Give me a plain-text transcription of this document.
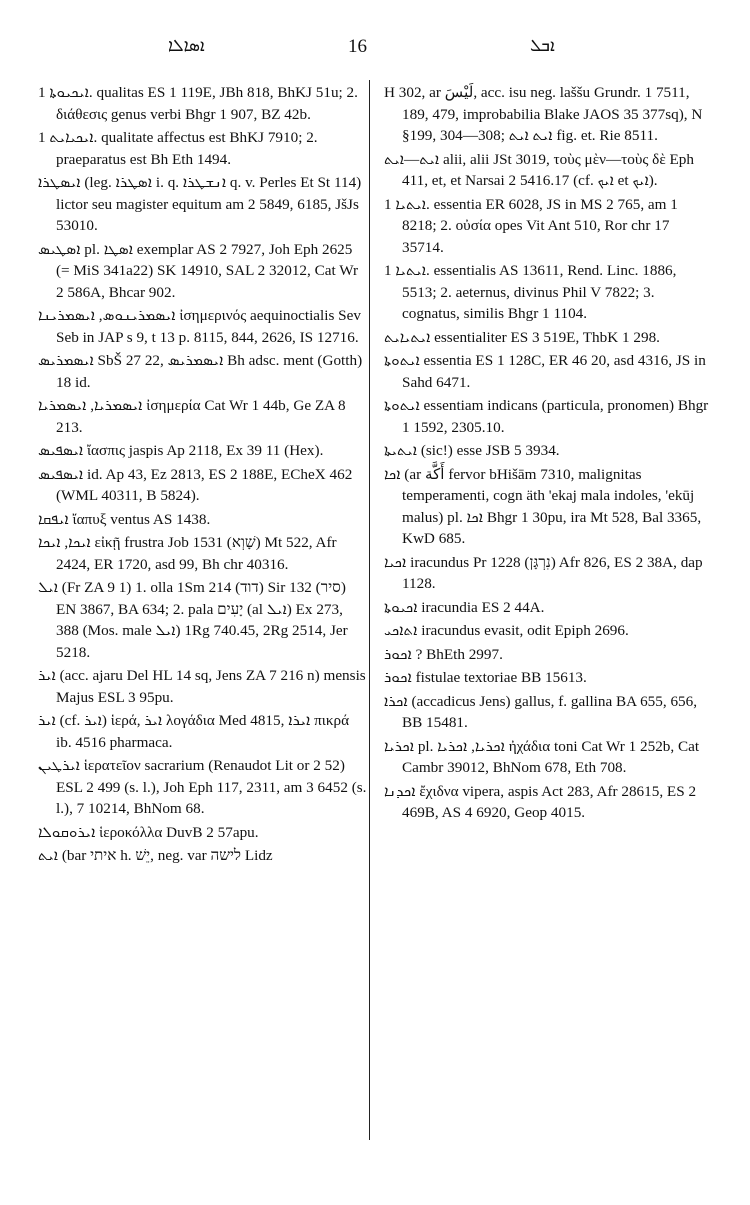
ܐܣܐܠܐ	16	ܐܒܠ

ܐܝܟܝܘܬܐ 1. qualitas ES 1 119E, JBh 818, BhKJ 51u; 2. διάθεσις genus verbi Bhgr 1 907, BZ 42b.

ܐܝܟܝܐܝܬ 1. qualitate affectus est BhKJ 7910; 2. praeparatus est Bh Eth 1494.

ܐܝܣܛܪܐ (leg. ܐܣܛܪܐ i. q. ܐܢܫܛܪܐ q. v. Perles Et St 114) lictor seu magister equitum am 2 5849, 6185, JšJs 53010.

ܐܣܛܝܣ pl. ܐܣܛܐ exemplar AS 2 7927, Joh Eph 2625 (= MiS 341a22) SK 14910, SAL 2 32012, Cat Wr 2 586A, Bhcar 902.

ܐܝܣܡܪܝܢܘܣ, ܐܝܣܡܪܝܢܐ ἰσημερινός aequinoctialis Sev Seb in JAP s 9, t 13 p. 8115, 844, 2626, IS 12716.

ܐܝܣܡܪܝܣ SbŠ 27 22, ܐܝܣܡܪܝܣ Bh adsc. ment (Gotth) 18 id.

ܐܝܣܡܪܝܐ, ܐܝܣܡܪܝܐ ἰσημερία Cat Wr 1 44b, Ge ZA 8 213.

ܐܝܣܦܝܣ ἴασπις jaspis Ap 2118, Ex 39 11 (Hex).

ܐܝܣܦܝܣ id. Ap 43, Ez 2813, ES 2 188E, ECheX 462 (WML 40311, B 5824).

ܐܝܦܩܐ ἴαπυξ ventus AS 1438.

ܐܝܟܐ, ܐܝܟܐ εἰκῇ frustra Job 1531 (שָׁוְא) Mt 522, Afr 2424, ER 1720, asd 99, Bh chr 40316.

ܐܝܠ (Fr ZA 9 1) 1. olla 1Sm 214 (דוד) Sir 132 (סיר) EN 3867, BA 634; 2. pala יָעִים (al ܐܝܠ) Ex 273, 388 (Mos. male ܐܝܠ) 1Rg 740.45, 2Rg 2514, Jer 5218.

ܐܝܪ (acc. ajaru Del HL 14 sq, Jens ZA 7 216 n) mensis Majus ESL 3 95pu.

ܐܝܪ (cf. ܐܝܪ) ἱερά, ܐܝܪ λογάδια Med 4815, ܐܝܪܐ πικρά ib. 4516 pharmaca.

ܐܝܪܛܝܢ ἱερατεῖον sacrarium (Renaudot Lit or 2 52) ESL 2 499 (s. l.), Joh Eph 117, 2311, am 3 6452 (s. l.), 7 10214, BhNom 68.

ܐܝܪܘܩܘܠܐ ἱεροκόλλα DuvB 2 57apu.

ܐܝܬ (bar איתי h. יֵשׁ, neg. var לישה Lidz

H 302, ar لَيْسَ, acc. isu neg. laššu Grundr. 1 7511, 189, 479, improbabilia Blake JAOS 35 377sq), N §199, 304—308; ܐܝܬ ܐܝܬ fig. et. Rie 8511.

ܐܝܬ—ܐܝܬ alii, alii JSt 3019, τοὺς μὲν—τοὺς δὲ Eph 411, et, et Narsai 2 5416.17 (cf. ܐܝܟ et ܐܝܟ).

ܐܝܬܝܐ 1. essentia ER 6028, JS in MS 2 765, am 1 8218; 2. οὐσία opes Vit Ant 510, Ror chr 17 35714.

ܐܝܬܝܐ 1. essentialis AS 13611, Rend. Linc. 1886, 5513; 2. aeternus, divinus Phil V 7822; 3. cognatus, similis Bhgr 1 1104.

ܐܝܬܝܐܝܬ essentialiter ES 3 519E, ThbK 1 298.

ܐܝܬܘܬܐ essentia ES 1 128C, ER 46 20, asd 4316, JS in Sahd 6471.

ܐܝܬܘܬܐ essentiam indicans (particula, pronomen) Bhgr 1 1592, 2305.10.

ܐܝܬܝܬܐ (sic!) esse JSB 5 3934.

ܐܟܐ (ar أَكَّة fervor bHišām 7310, malignitas temperamenti, cogn äth 'ekaj mala indoles, 'ekūj malus) pl. ܐܟܐ Bhgr 1 30pu, ira Mt 528, Bal 3365, KwD 685.

ܐܟܝܐ iracundus Pr 1228 (נִרְגָּן) Afr 826, ES 2 38A, dap 1128.

ܐܟܝܘܬܐ iracundia ES 2 44A.

ܐܬܐܟܝ iracundus evasit, odit Epiph 2696.

ܐܟܘܪ ? BhEth 2997.

ܐܟܘܪ fistulae textoriae BB 15613.

ܐܟܪܐ (accadicus Jens) gallus, f. gallina BA 655, 656, BB 15481.

ܐܟܪܝܐ pl. ܐܟܪܝܐ, ܐܟܪܝܐ ἠχάδια toni Cat Wr 1 252b, Cat Cambr 39012, BhNom 678, Eth 708.

ܐܟܕܢܐ ἔχιδνα vipera, aspis Act 283, Afr 28615, ES 2 469B, AS 4 6920, Geop 4015.
